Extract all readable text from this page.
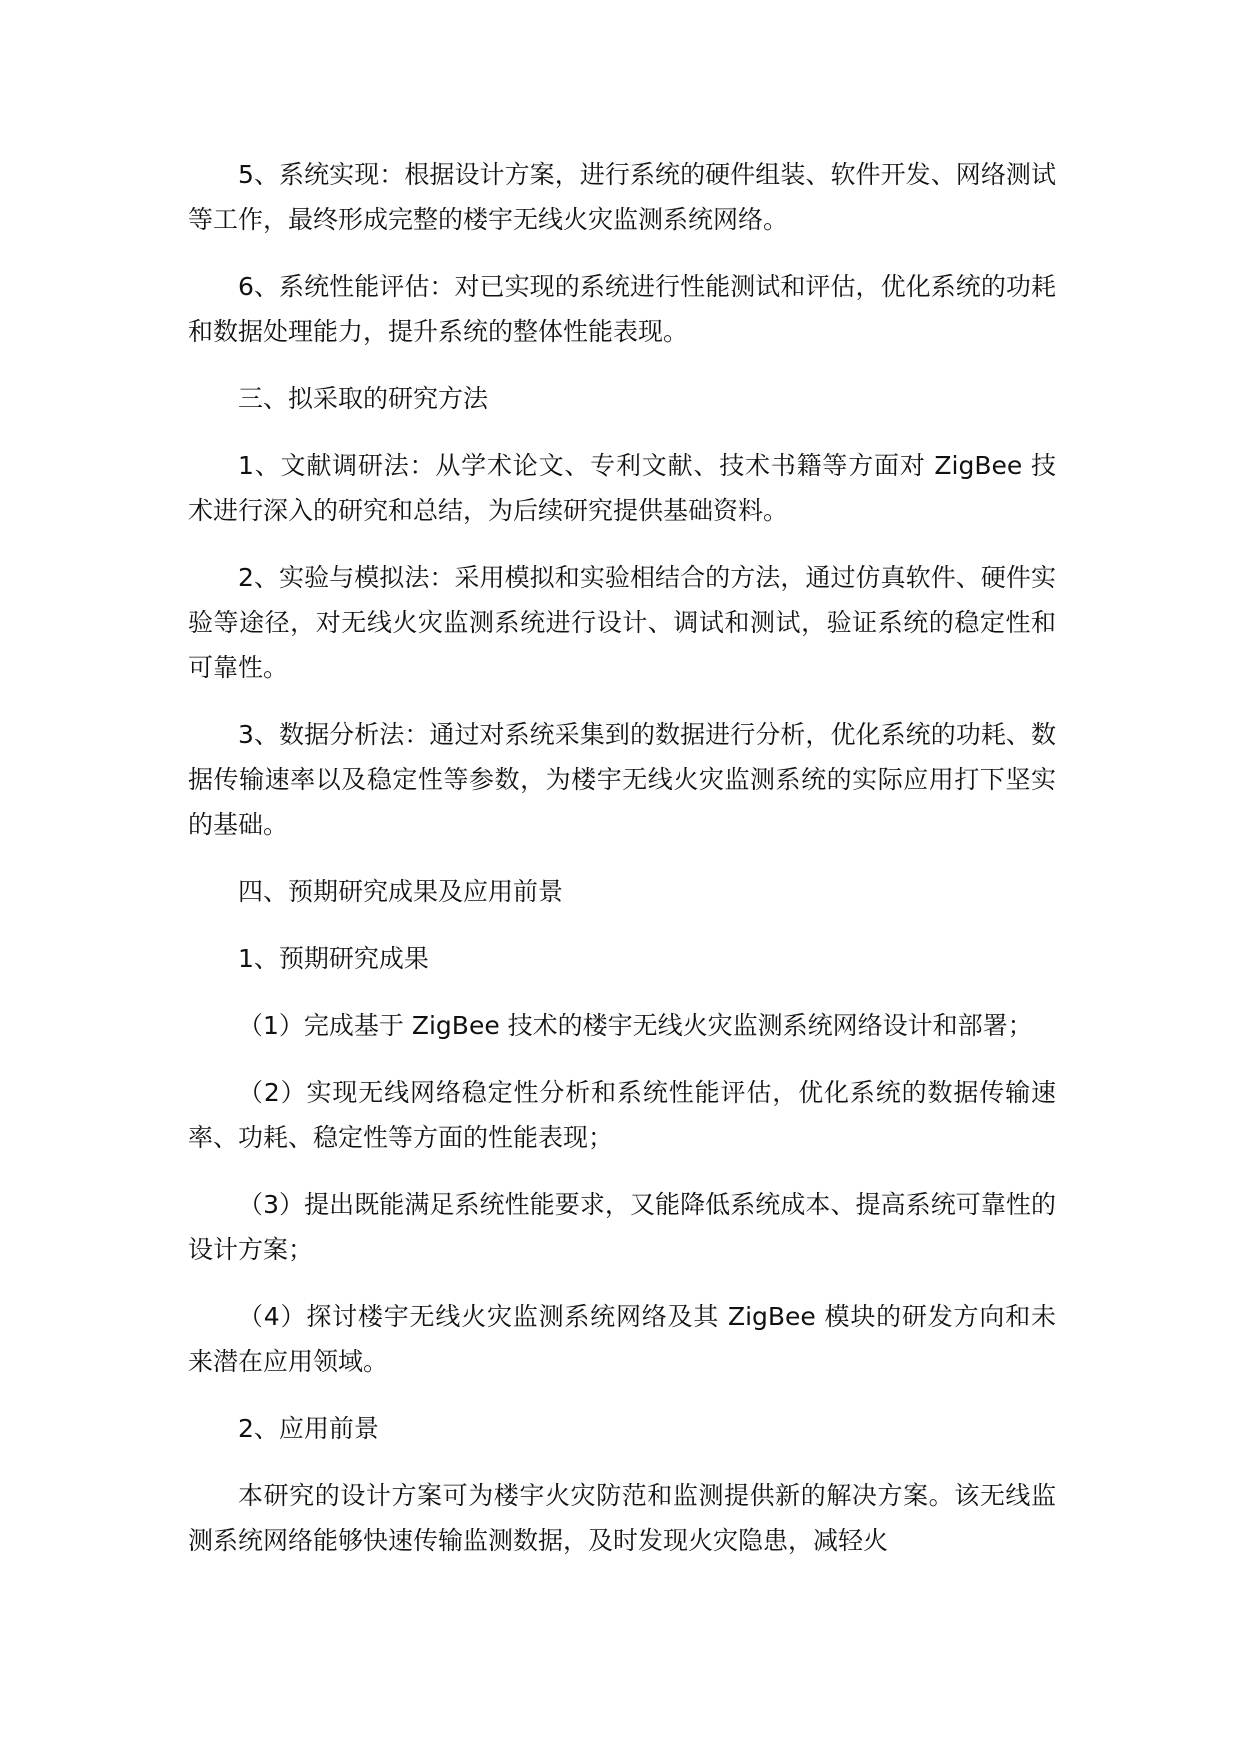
5、系统实现：根据设计方案，进行系统的硬件组装、软件开发、网络测试等工作，最终形成完整的楼宇无线火灾监测系统网络。

6、系统性能评估：对已实现的系统进行性能测试和评估，优化系统的功耗和数据处理能力，提升系统的整体性能表现。

三、拟采取的研究方法

1、文献调研法：从学术论文、专利文献、技术书籍等方面对 ZigBee 技术进行深入的研究和总结，为后续研究提供基础资料。

2、实验与模拟法：采用模拟和实验相结合的方法，通过仿真软件、硬件实验等途径，对无线火灾监测系统进行设计、调试和测试，验证系统的稳定性和可靠性。

3、数据分析法：通过对系统采集到的数据进行分析，优化系统的功耗、数据传输速率以及稳定性等参数，为楼宇无线火灾监测系统的实际应用打下坚实的基础。

四、预期研究成果及应用前景

1、预期研究成果

（1）完成基于 ZigBee 技术的楼宇无线火灾监测系统网络设计和部署；

（2）实现无线网络稳定性分析和系统性能评估，优化系统的数据传输速率、功耗、稳定性等方面的性能表现；

（3）提出既能满足系统性能要求，又能降低系统成本、提高系统可靠性的设计方案；

（4）探讨楼宇无线火灾监测系统网络及其 ZigBee 模块的研发方向和未来潜在应用领域。

2、应用前景

本研究的设计方案可为楼宇火灾防范和监测提供新的解决方案。该无线监测系统网络能够快速传输监测数据，及时发现火灾隐患，减轻火
